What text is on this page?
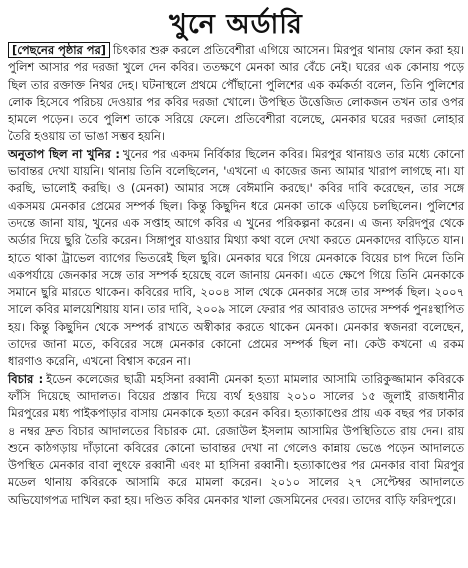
খুনে অর্ডারি

[পেছনের পৃষ্ঠার পর] চিৎকার শুরু করলে প্রতিবেশীরা এগিয়ে আসেন। মিরপুর থানায় ফোন করা হয়। পুলিশ আসার পর দরজা খুলে দেন কবির। ততক্ষণে মেনকা আর বেঁচে নেই। ঘরের এক কোনায় পড়ে ছিল তার রক্তাক্ত নিথর দেহ। ঘটনাস্থলে প্রথমে পৌঁছানো পুলিশের এক কর্মকর্তা বলেন, তিনি পুলিশের লোক হিসেবে পরিচয় দেওয়ার পর কবির দরজা খোলে। উপস্থিত উত্তেজিত লোকজন তখন তার ওপর হামলে পড়েন। তবে পুলিশ তাকে সরিয়ে ফেলে। প্রতিবেশীরা বলেছে, মেনকার ঘরের দরজা লোহার তৈরি হওয়ায় তা ভাঙা সম্ভব হয়নি।

অনুতাপ ছিল না খুনির : খুনের পর একদম নির্বিকার ছিলেন কবির। মিরপুর থানায়ও তার মধ্যে কোনো ভাবান্তর দেখা যায়নি। থানায় তিনি বলেছিলেন, 'এখনো এ কাজের জন্য আমার খারাপ লাগছে না। যা করছি, ভালোই করছি। ও (মেনকা) আমার সঙ্গে বেঈমানি করছে।' কবির দাবি করেছেন, তার সঙ্গে একসময় মেনকার প্রেমের সম্পর্ক ছিল। কিন্তু কিছুদিন ধরে মেনকা তাকে এড়িয়ে চলছিলেন। পুলিশের তদন্তে জানা যায়, খুনের এক সপ্তাহ আগে কবির এ খুনের পরিকল্পনা করেন। এ জন্য ফরিদপুর থেকে অর্ডার দিয়ে ছুরি তৈরি করেন। সিঙ্গাপুর যাওয়ার মিথ্যা কথা বলে দেখা করতে মেনকাদের বাড়িতে যান। হাতে থাকা ট্রাভেল ব্যাগের ভিতরেই ছিল ছুরি। মেনকার ঘরে গিয়ে মেনকাকে বিয়ের চাপ দিলে তিনি একপর্যায়ে জেনকার সঙ্গে তার সম্পর্ক হয়েছে বলে জানায় মেনকা। এতে ক্ষেপে গিয়ে তিনি মেনকাকে সমানে ছুরি মারতে থাকেন। কবিরের দাবি, ২০০৪ সাল থেকে মেনকার সঙ্গে তার সম্পর্ক ছিল। ২০০৭ সালে কবির মালয়েশিয়ায় যান। তার দাবি, ২০০৯ সালে ফেরার পর আবারও তাদের সম্পর্ক পুনঃস্থাপিত হয়। কিন্তু কিছুদিন থেকে সম্পর্ক রাখতে অস্বীকার করতে থাকেন মেনকা। মেনকার স্বজনরা বলেছেন, তাদের জানা মতে, কবিরের সঙ্গে মেনকার কোনো প্রেমের সম্পর্ক ছিল না। কেউ কখনো এ রকম ধারণাও করেনি, এখনো বিশ্বাস করেন না।

বিচার : ইডেন কলেজের ছাত্রী মহসিনা রব্বানী মেনকা হত্যা মামলার আসামি তারিকুজ্জামান কবিরকে ফাঁসি দিয়েছে আদালত। বিয়ের প্রস্তাব দিয়ে ব্যর্থ হওয়ায় ২০১০ সালের ১৫ জুলাই রাজধানীর মিরপুরের মধ্য পাইকপাড়ার বাসায় মেনকাকে হত্যা করেন কবির। হত্যাকাণ্ডের প্রায় এক বছর পর ঢাকার ৪ নম্বর দ্রুত বিচার আদালতের বিচারক মো. রেজাউল ইসলাম আসামির উপস্থিতিতে রায় দেন। রায় শুনে কাঠগড়ায় দাঁড়ানো কবিরের কোনো ভাবান্তর দেখা না গেলেও কান্নায় ভেঙে পড়েন আদালতে উপস্থিত মেনকার বাবা লুৎফে রব্বানী এবং মা হাসিনা রব্বানী। হত্যাকাণ্ডের পর মেনকার বাবা মিরপুর মডেল থানায় কবিরকে আসামি করে মামলা করেন। ২০১০ সালের ২৭ সেপ্টেম্বর আদালতে অভিযোগপত্র দাখিল করা হয়। দণ্ডিত কবির মেনকার খালা জেসমিনের দেবর। তাদের বাড়ি ফরিদপুরে।
